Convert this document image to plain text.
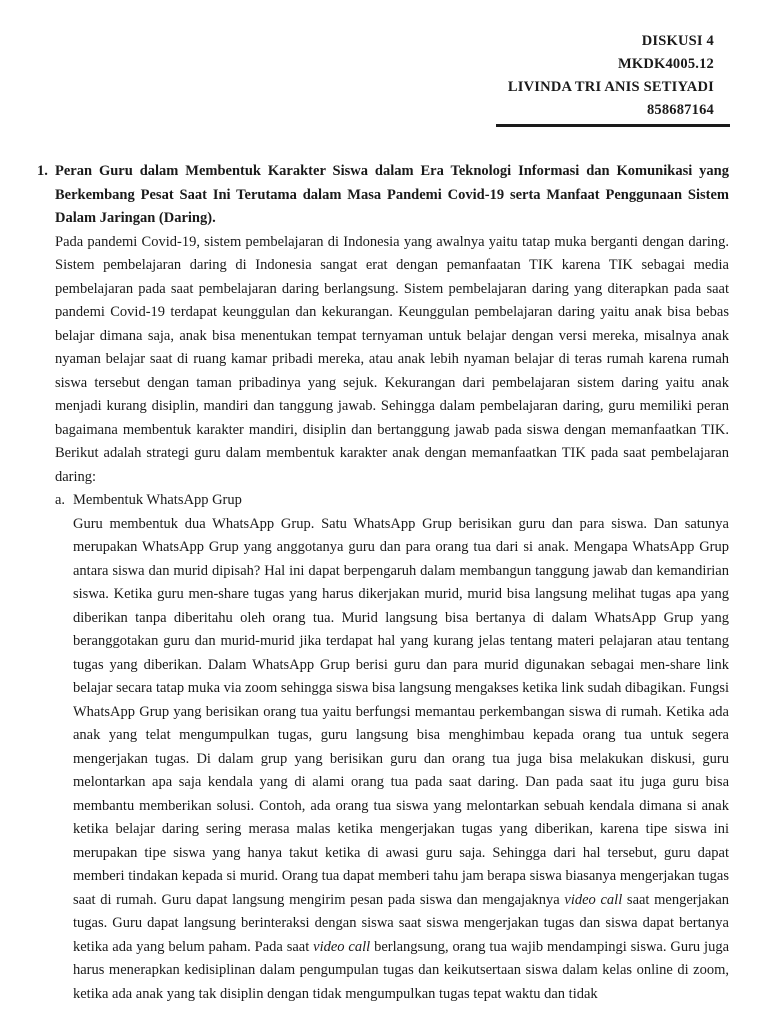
DISKUSI 4
MKDK4005.12
LIVINDA TRI ANIS SETIYADI
858687164
1. Peran Guru dalam Membentuk Karakter Siswa dalam Era Teknologi Informasi dan Komunikasi yang Berkembang Pesat Saat Ini Terutama dalam Masa Pandemi Covid-19 serta Manfaat Penggunaan Sistem Dalam Jaringan (Daring).

Pada pandemi Covid-19, sistem pembelajaran di Indonesia yang awalnya yaitu tatap muka berganti dengan daring. Sistem pembelajaran daring di Indonesia sangat erat dengan pemanfaatan TIK karena TIK sebagai media pembelajaran pada saat pembelajaran daring berlangsung. Sistem pembelajaran daring yang diterapkan pada saat pandemi Covid-19 terdapat keunggulan dan kekurangan. Keunggulan pembelajaran daring yaitu anak bisa bebas belajar dimana saja, anak bisa menentukan tempat ternyaman untuk belajar dengan versi mereka, misalnya anak nyaman belajar saat di ruang kamar pribadi mereka, atau anak lebih nyaman belajar di teras rumah karena rumah siswa tersebut dengan taman pribadinya yang sejuk. Kekurangan dari pembelajaran sistem daring yaitu anak menjadi kurang disiplin, mandiri dan tanggung jawab. Sehingga dalam pembelajaran daring, guru memiliki peran bagaimana membentuk karakter mandiri, disiplin dan bertanggung jawab pada siswa dengan memanfaatkan TIK. Berikut adalah strategi guru dalam membentuk karakter anak dengan memanfaatkan TIK pada saat pembelajaran daring:

a. Membentuk WhatsApp Grup

Guru membentuk dua WhatsApp Grup. Satu WhatsApp Grup berisikan guru dan para siswa. Dan satunya merupakan WhatsApp Grup yang anggotanya guru dan para orang tua dari si anak. Mengapa WhatsApp Grup antara siswa dan murid dipisah? Hal ini dapat berpengaruh dalam membangun tanggung jawab dan kemandirian siswa. Ketika guru men-share tugas yang harus dikerjakan murid, murid bisa langsung melihat tugas apa yang diberikan tanpa diberitahu oleh orang tua. Murid langsung bisa bertanya di dalam WhatsApp Grup yang beranggotakan guru dan murid-murid jika terdapat hal yang kurang jelas tentang materi pelajaran atau tentang tugas yang diberikan. Dalam WhatsApp Grup berisi guru dan para murid digunakan sebagai men-share link belajar secara tatap muka via zoom sehingga siswa bisa langsung mengakses ketika link sudah dibagikan. Fungsi WhatsApp Grup yang berisikan orang tua yaitu berfungsi memantau perkembangan siswa di rumah. Ketika ada anak yang telat mengumpulkan tugas, guru langsung bisa menghimbau kepada orang tua untuk segera mengerjakan tugas. Di dalam grup yang berisikan guru dan orang tua juga bisa melakukan diskusi, guru melontarkan apa saja kendala yang di alami orang tua pada saat daring. Dan pada saat itu juga guru bisa membantu memberikan solusi. Contoh, ada orang tua siswa yang melontarkan sebuah kendala dimana si anak ketika belajar daring sering merasa malas ketika mengerjakan tugas yang diberikan, karena tipe siswa ini merupakan tipe siswa yang hanya takut ketika di awasi guru saja. Sehingga dari hal tersebut, guru dapat memberi tindakan kepada si murid. Orang tua dapat memberi tahu jam berapa siswa biasanya mengerjakan tugas saat di rumah. Guru dapat langsung mengirim pesan pada siswa dan mengajaknya video call saat mengerjakan tugas. Guru dapat langsung berinteraksi dengan siswa saat siswa mengerjakan tugas dan siswa dapat bertanya ketika ada yang belum paham. Pada saat video call berlangsung, orang tua wajib mendampingi siswa. Guru juga harus menerapkan kedisiplinan dalam pengumpulan tugas dan keikutsertaan siswa dalam kelas online di zoom, ketika ada anak yang tak disiplin dengan tidak mengumpulkan tugas tepat waktu dan tidak
